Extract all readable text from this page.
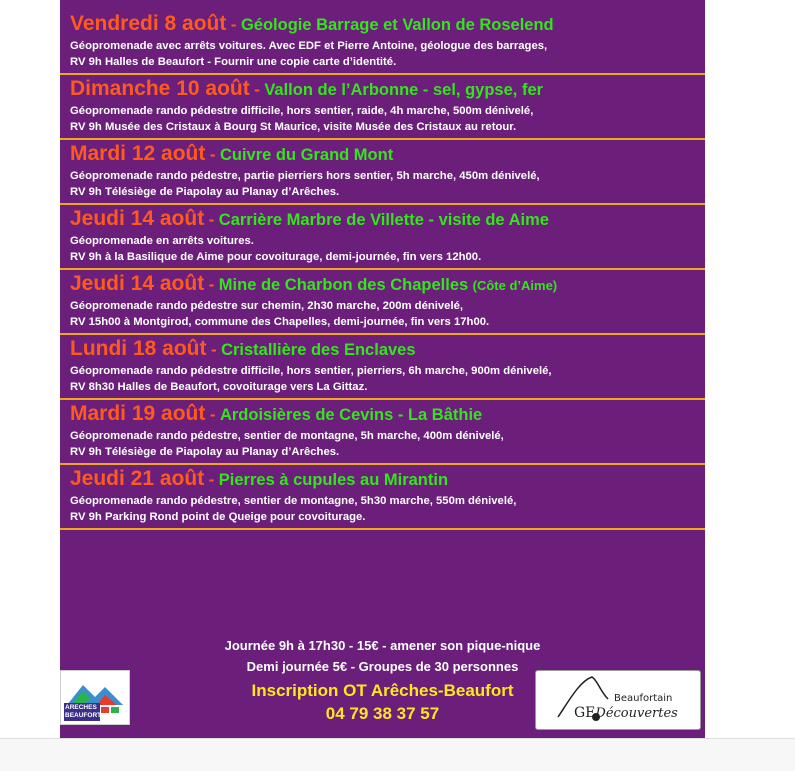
Vendredi 8 août - Géologie Barrage et Vallon de Roselend
Géopromenade avec arrêts voitures. Avec EDF et Pierre Antoine, géologue des barrages,
RV 9h Halles de Beaufort - Fournir une copie carte d’identité.
Dimanche 10 août - Vallon de l’Arbonne - sel, gypse, fer
Géopromenade rando pédestre difficile, hors sentier, raide, 4h marche, 500m dénivelé,
RV 9h Musée des Cristaux à Bourg St Maurice, visite Musée des Cristaux au retour.
Mardi 12 août - Cuivre du Grand Mont
Géopromenade rando pédestre, partie pierriers hors sentier, 5h marche, 450m dénivelé,
RV 9h Télésiège de Piapolay au Planay d’Arêches.
Jeudi 14 août - Carrière Marbre de Villette - visite de Aime
Géopromenade en arrêts voitures.
RV 9h à la Basilique de Aime pour covoiturage, demi-journée, fin vers 12h00.
Jeudi 14 août - Mine de Charbon des Chapelles (Côte d’Aime)
Géopromenade rando pédestre sur chemin, 2h30 marche, 200m dénivelé,
RV 15h00 à Montgirod, commune des Chapelles, demi-journée, fin vers 17h00.
Lundi 18 août - Cristallière des Enclaves
Géopromenade rando pédestre difficile, hors sentier, pierriers, 6h marche, 900m dénivelé,
RV 8h30 Halles de Beaufort, covoiturage vers La Gittaz.
Mardi 19 août - Ardoisières de Cevins - La Bâthie
Géopromenade rando pédestre, sentier de montagne, 5h marche, 400m dénivelé,
RV 9h Télésiège de Piapolay au Planay d’Arêches.
Jeudi 21 août - Pierres à cupules au Mirantin
Géopromenade rando pédestre, sentier de montagne, 5h30 marche, 550m dénivelé,
RV 9h Parking Rond point de Queige pour covoiturage.
Journée 9h à 17h30 - 15€ - amener son pique-nique
Demi journée 5€ - Groupes de 30 personnes
Inscription OT Arêches-Beaufort
04 79 38 37 57
ARECHES
BEAUFORT
Beaufortain
GEDécouvertes
